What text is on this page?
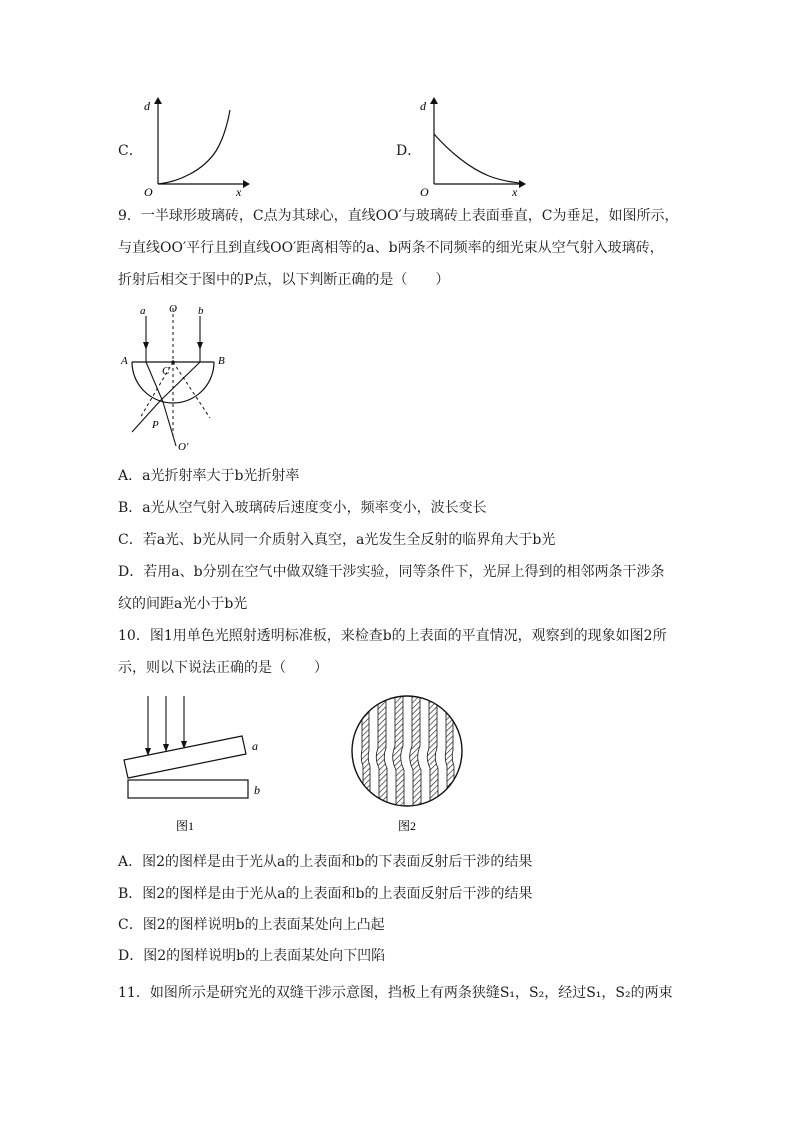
C．
d
O	x
D．
d
O	x
9．一半球形玻璃砖，C点为其球心，直线OO′与玻璃砖上表面垂直，C为垂足，如图所示，
与直线OO′平行且到直线OO′距离相等的a、b两条不同频率的细光束从空气射入玻璃砖，
折射后相交于图中的P点，以下判断正确的是（　　）
a O b
A	B
C
P
O′
A．a光折射率大于b光折射率
B．a光从空气射入玻璃砖后速度变小，频率变小，波长变长
C．若a光、b光从同一介质射入真空，a光发生全反射的临界角大于b光
D．若用a、b分别在空气中做双缝干涉实验，同等条件下，光屏上得到的相邻两条干涉条
纹的间距a光小于b光
10．图1用单色光照射透明标准板，来检查b的上表面的平直情况，观察到的现象如图2所
示，则以下说法正确的是（　　）
a
b
图1	图2
A．图2的图样是由于光从a的上表面和b的下表面反射后干涉的结果
B．图2的图样是由于光从a的上表面和b的上表面反射后干涉的结果
C．图2的图样说明b的上表面某处向上凸起
D．图2的图样说明b的上表面某处向下凹陷
11．如图所示是研究光的双缝干涉示意图，挡板上有两条狭缝S₁，S₂，经过S₁，S₂的两束
